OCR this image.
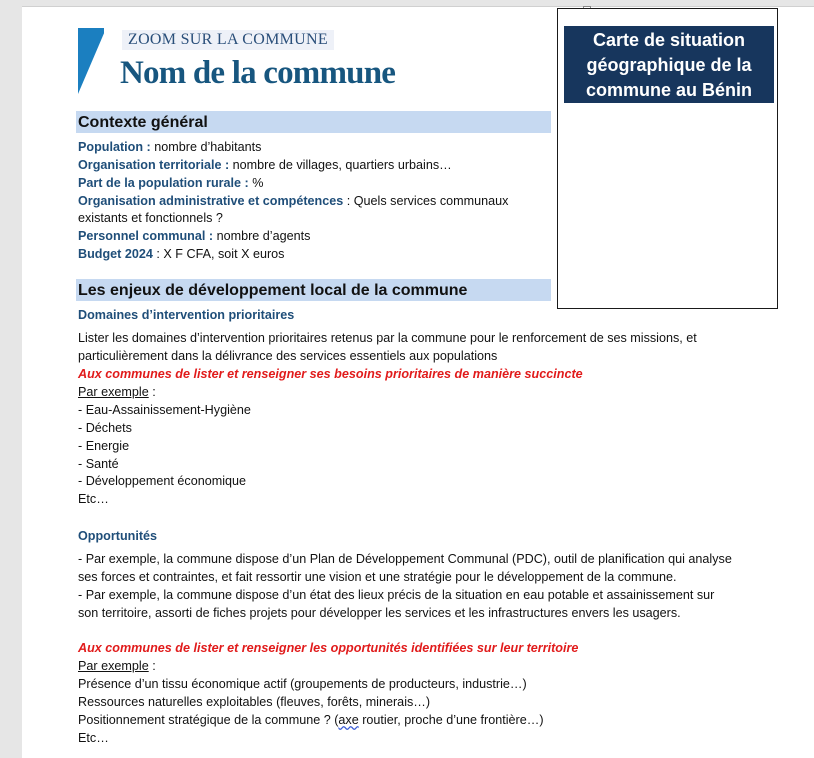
ZOOM SUR LA COMMUNE
Nom de la commune
Carte de situation géographique de la commune au Bénin
Contexte général
Population : nombre d’habitants
Organisation territoriale : nombre de villages, quartiers urbains…
Part de la population rurale : %
Organisation administrative et compétences : Quels services communaux
existants et fonctionnels ?
Personnel communal : nombre d’agents
Budget 2024 : X F CFA, soit X euros
Les enjeux de développement local de la commune
Domaines d’intervention prioritaires
Lister les domaines d’intervention prioritaires retenus par la commune pour le renforcement de ses missions, et
particulièrement dans la délivrance des services essentiels aux populations
Aux communes de lister et renseigner ses besoins prioritaires de manière succincte
Par exemple :
- Eau-Assainissement-Hygiène
- Déchets
- Energie
- Santé
- Développement économique
Etc…
Opportunités
- Par exemple, la commune dispose d’un Plan de Développement Communal (PDC), outil de planification qui analyse
ses forces et contraintes, et fait ressortir une vision et une stratégie pour le développement de la commune.
- Par exemple, la commune dispose d’un état des lieux précis de la situation en eau potable et assainissement sur
son territoire, assorti de fiches projets pour développer les services et les infrastructures envers les usagers.
Aux communes de lister et renseigner les opportunités identifiées sur leur territoire
Par exemple :
Présence d’un tissu économique actif (groupements de producteurs, industrie…)
Ressources naturelles exploitables (fleuves, forêts, minerais…)
Positionnement stratégique de la commune ? (axe routier, proche d’une frontière…)
Etc…
